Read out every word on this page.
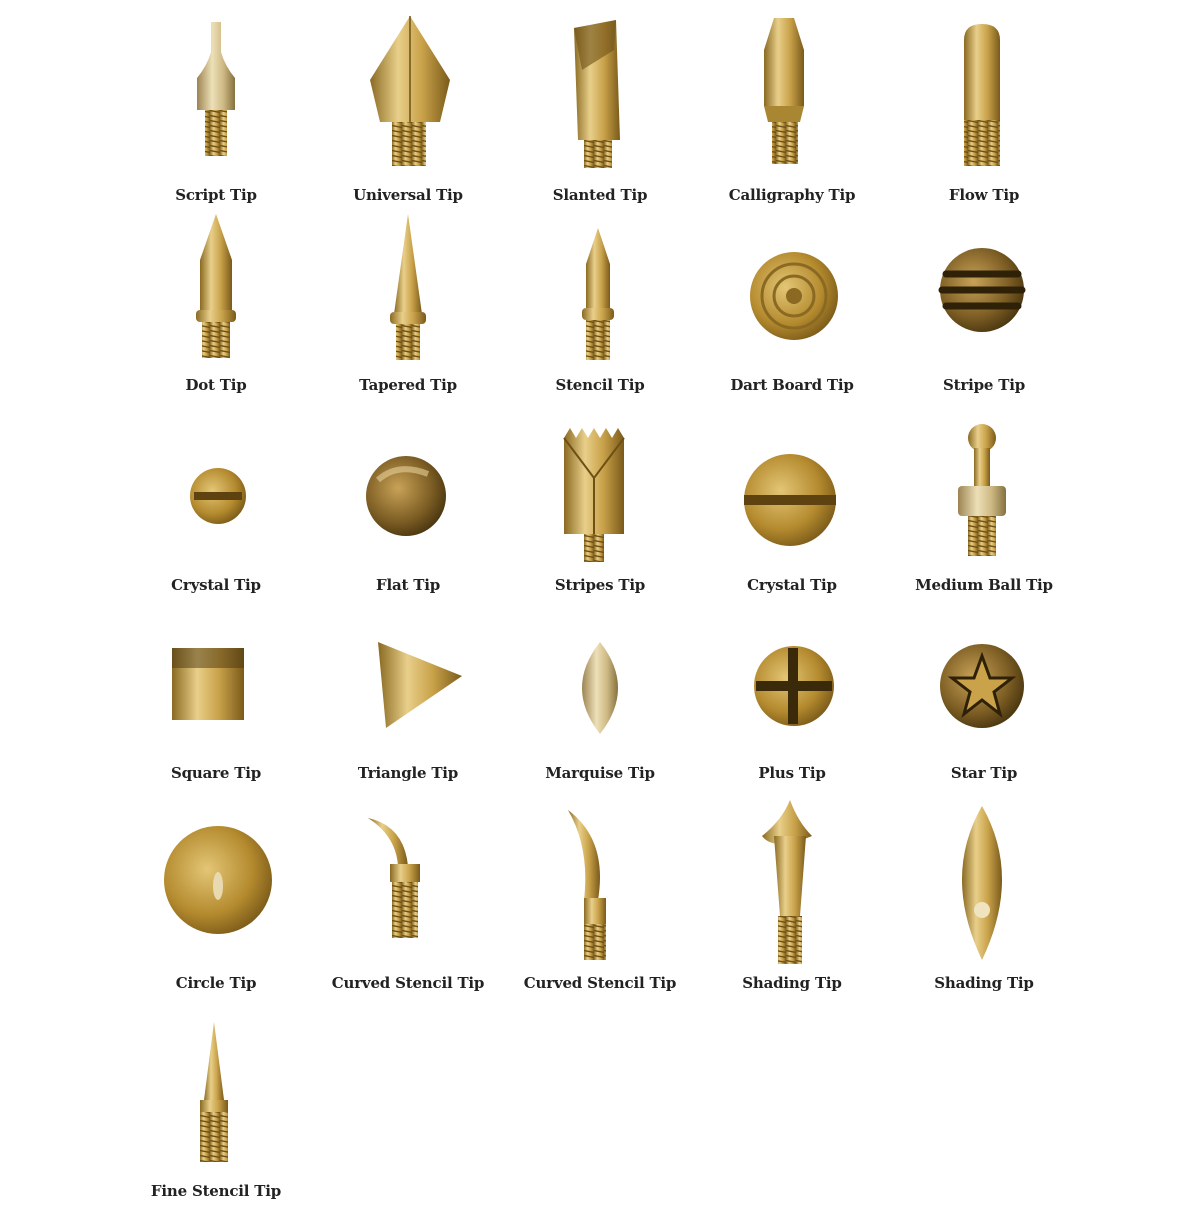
Script Tip	Universal Tip	Slanted Tip	Calligraphy Tip	Flow Tip
Dot Tip	Tapered Tip	Stencil Tip	Dart Board Tip	Stripe Tip
Crystal Tip	Flat Tip	Stripes Tip	Crystal Tip	Medium Ball Tip
Square Tip	Triangle Tip	Marquise Tip	Plus Tip	Star Tip
Circle Tip	Curved Stencil Tip	Curved Stencil Tip	Shading Tip	Shading Tip
Fine Stencil Tip
